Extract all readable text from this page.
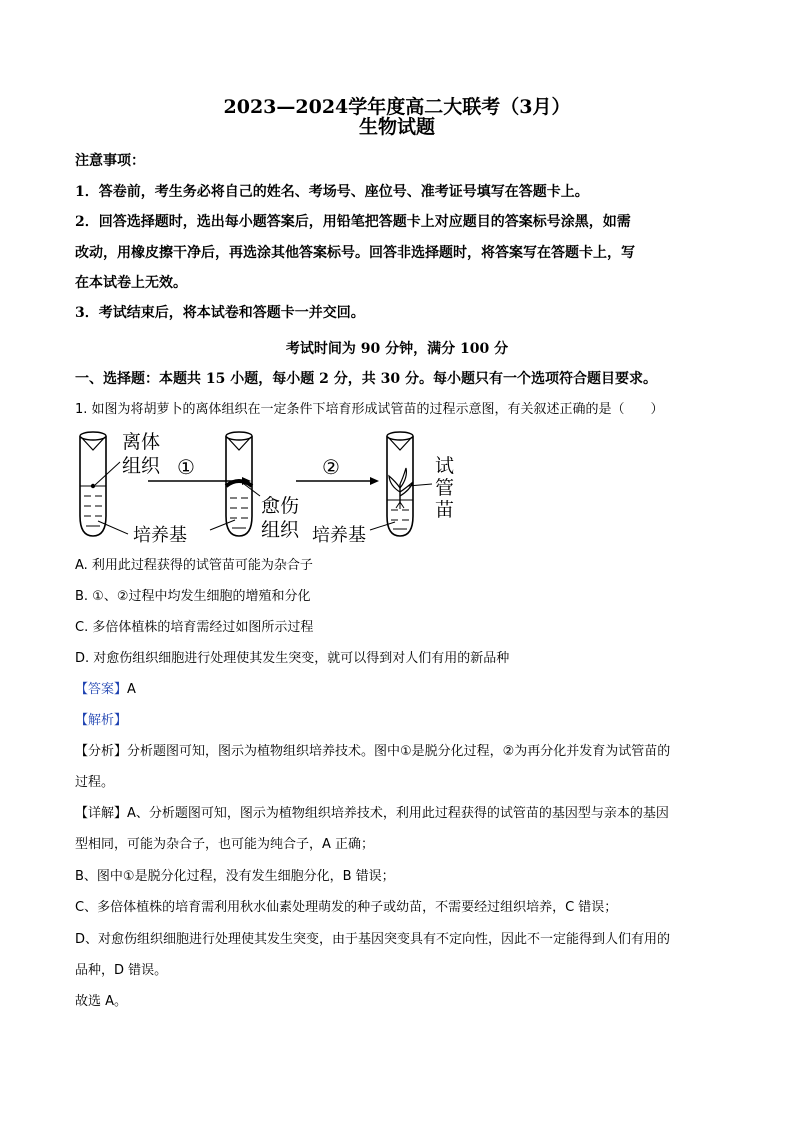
2023—2024学年度高二大联考（3月）
生物试题
注意事项：
1．答卷前，考生务必将自己的姓名、考场号、座位号、准考证号填写在答题卡上。
2．回答选择题时，选出每小题答案后，用铅笔把答题卡上对应题目的答案标号涂黑，如需
改动，用橡皮擦干净后，再选涂其他答案标号。回答非选择题时，将答案写在答题卡上，写
在本试卷上无效。
3．考试结束后，将本试卷和答题卡一并交回。
考试时间为 90 分钟，满分 100 分
一、选择题：本题共 15 小题，每小题 2 分，共 30 分。每小题只有一个选项符合题目要求。
1. 如图为将胡萝卜的离体组织在一定条件下培育形成试管苗的过程示意图，有关叙述正确的是（　　）
离体
组织 ①
培养基
愈伤
组织
②	试
管
苗
培养基
A. 利用此过程获得的试管苗可能为杂合子
B. ①、②过程中均发生细胞的增殖和分化
C. 多倍体植株的培育需经过如图所示过程
D. 对愈伤组织细胞进行处理使其发生突变，就可以得到对人们有用的新品种
【答案】A
【解析】
【分析】分析题图可知，图示为植物组织培养技术。图中①是脱分化过程，②为再分化并发育为试管苗的
过程。
【详解】A、分析题图可知，图示为植物组织培养技术，利用此过程获得的试管苗的基因型与亲本的基因
型相同，可能为杂合子，也可能为纯合子，A 正确；
B、图中①是脱分化过程，没有发生细胞分化，B 错误；
C、多倍体植株的培育需利用秋水仙素处理萌发的种子或幼苗，不需要经过组织培养，C 错误；
D、对愈伤组织细胞进行处理使其发生突变，由于基因突变具有不定向性，因此不一定能得到人们有用的
品种，D 错误。
故选 A。
